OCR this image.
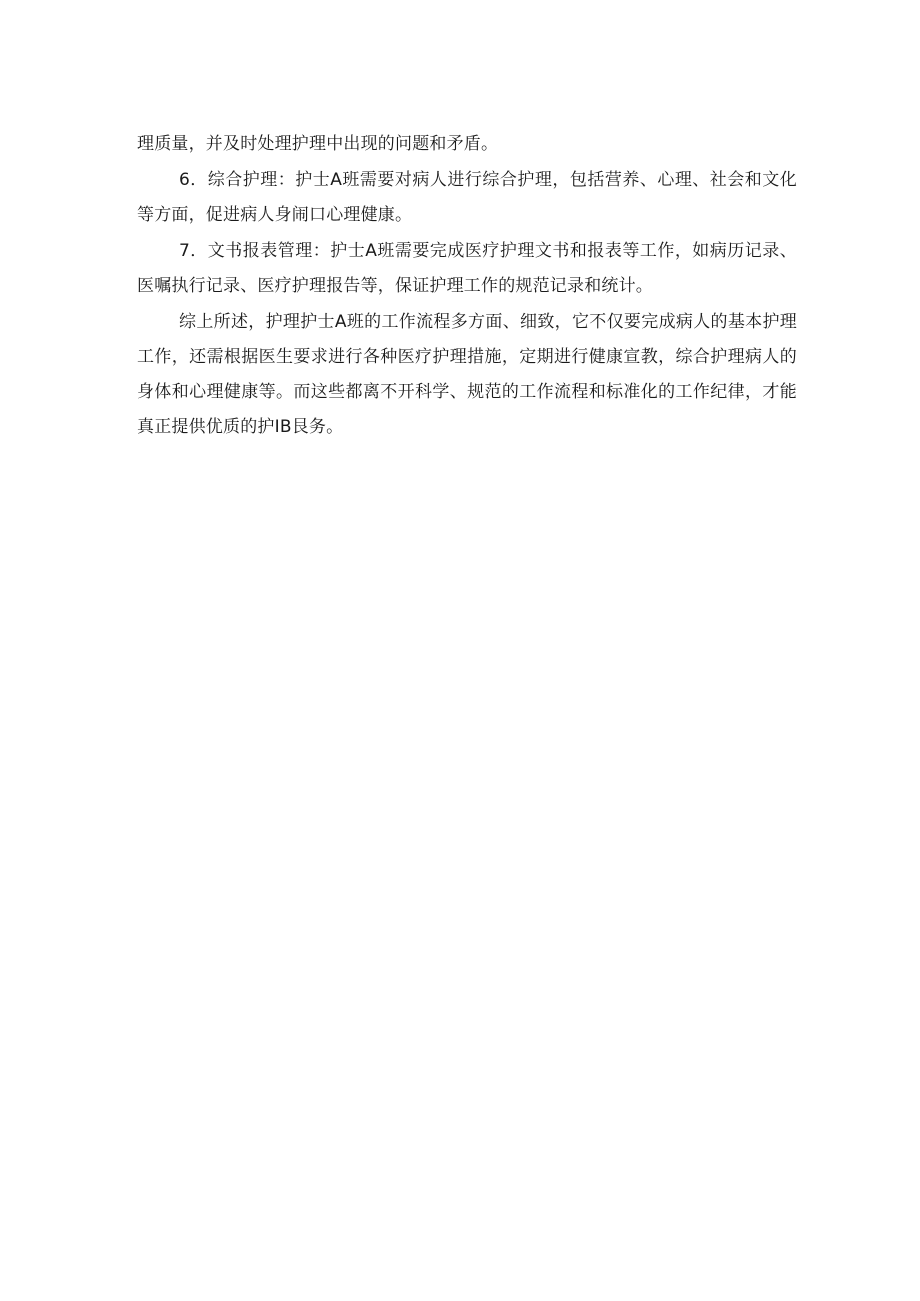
理质量，并及时处理护理中出现的问题和矛盾。

6．综合护理：护士A班需要对病人进行综合护理，包括营养、心理、社会和文化等方面，促进病人身闹口心理健康。

7．文书报表管理：护士A班需要完成医疗护理文书和报表等工作，如病历记录、医嘱执行记录、医疗护理报告等，保证护理工作的规范记录和统计。

综上所述，护理护士A班的工作流程多方面、细致，它不仅要完成病人的基本护理工作，还需根据医生要求进行各种医疗护理措施，定期进行健康宣教，综合护理病人的身体和心理健康等。而这些都离不开科学、规范的工作流程和标准化的工作纪律，才能真正提供优质的护IB艮务。
